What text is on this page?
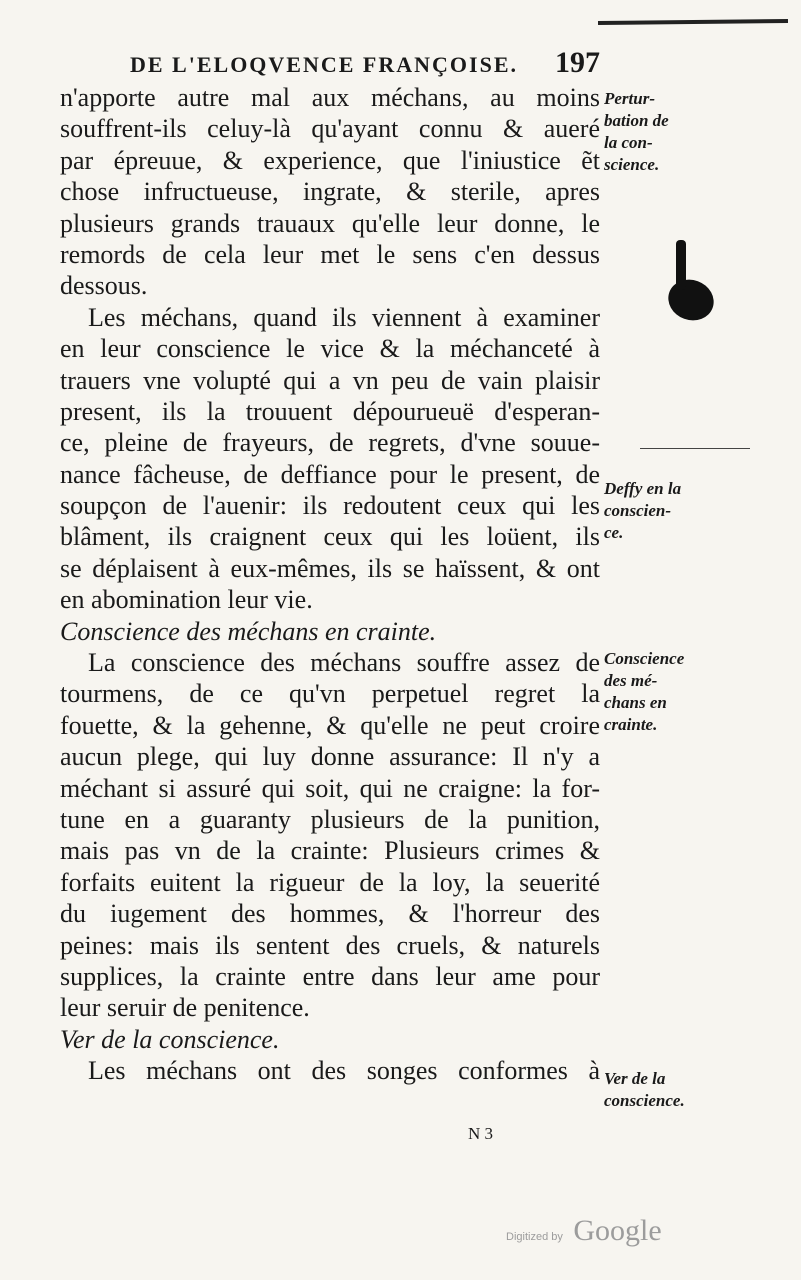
DE L'ELOQVENCE FRANÇOISE. 197
n'apporte autre mal aux méchans, au moins
souffrent-ils celuy-là qu'ayant connu & aueré
par épreuue, & experience, que l'iniustice ẽt
chose infructueuse, ingrate, & sterile, apres
plusieurs grands trauaux qu'elle leur donne, le
remords de cela leur met le sens c'en dessus
dessous.
Les méchans, quand ils viennent à examiner
en leur conscience le vice & la méchanceté à
trauers vne volupté qui a vn peu de vain plaisir
present, ils la trouuent dépourueuë d'esperan-
ce, pleine de frayeurs, de regrets, d'vne souue-
nance fâcheuse, de deffiance pour le present, de
soupçon de l'auenir: ils redoutent ceux qui les
blâment, ils craignent ceux qui les loüent, ils
se déplaisent à eux-mêmes, ils se haïssent, & ont
en abomination leur vie.
Conscience des méchans en crainte.
La conscience des méchans souffre assez de
tourmens, de ce qu'vn perpetuel regret la
fouette, & la gehenne, & qu'elle ne peut croire
aucun plege, qui luy donne assurance: Il n'y a
méchant si assuré qui soit, qui ne craigne: la for-
tune en a guaranty plusieurs de la punition,
mais pas vn de la crainte: Plusieurs crimes &
forfaits euitent la rigueur de la loy, la seuerité
du iugement des hommes, & l'horreur des
peines: mais ils sentent des cruels, & naturels
supplices, la crainte entre dans leur ame pour
leur seruir de penitence.
Ver de la conscience.
Les méchans ont des songes conformes à
Pertur-
bation de
la con-
science.
Deffy en la
conscien-
ce.
Conscience
des mé-
chans en
crainte.
Ver de la
conscience.
N 3
Digitized by Google
